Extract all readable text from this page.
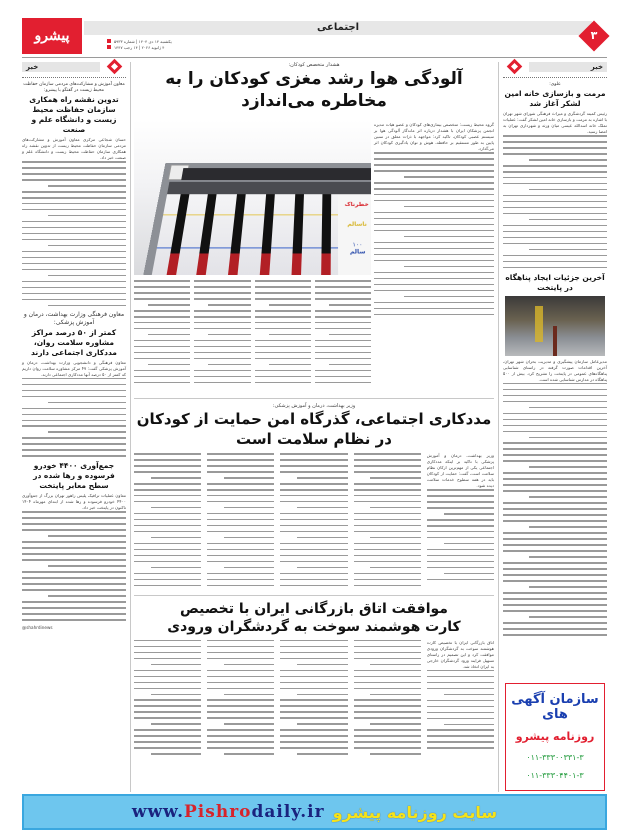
پیشرو
اجتماعی
یکشنبه ۱۴ دی ۱۴۰۴ | شماره ۵۹۳۳
۴ ژانویه ۲۰۲۶ | ۱۴ رجب ۱۴۴۷
۳
خبر
معاون آموزش و مشارکت‌های مردمی سازمان حفاظت محیط زیست در گفتگو با پیشرو:
تدوین نقشه راه همکاری سازمان حفاظت محیط زیست و دانشگاه علم و صنعت
حسان شجاعی مرکزی معاون آموزش و مشارکت‌های مردمی سازمان حفاظت محیط زیست از تدوین نقشه راه همکاری سازمان حفاظت محیط زیست و دانشگاه علم و صنعت خبر داد.
معاون فرهنگی وزارت بهداشت، درمان و آموزش پزشکی:
کمتر از ۵۰ درصد مراکز مشاوره سلامت روان، مددکاری اجتماعی دارند
معاون فرهنگی و دانشجویی وزارت بهداشت، درمان و آموزش پزشکی گفت: ۴۷ مرکز مشاوره سلامت روان داریم که کمتر از ۵۰ درصد آنها مددکاری اجتماعی دارند.
جمع‌آوری ۴۴۰۰ خودرو فرسوده و رها شده در سطح معابر پایتخت
معاون عملیات ترافیک پلیس راهور تهران بزرگ از جمع‌آوری ۴۴۰۰ خودرو فرسوده و رها شده از ابتدای مهرماه ۱۴۰۴ تاکنون در پایتخت خبر داد.
@shahrdinews
خبر
علوی:
مرمت و بازسازی خانه امین لشکر آغاز شد
رئیس کمیته گردشگری و میراث فرهنگی شورای شهر تهران با اشاره به مرمت و بازسازی خانه امین لشکر گفت: عملیات تملک خانه اسدالله عیسی میان ورثه و شهرداری تهران به امضا رسید.
آخرین جزئیات ایجاد پناهگاه در پایتخت
مدیرعامل سازمان پیشگیری و مدیریت بحران شهر تهران، آخرین اقدامات صورت گرفته در راستای شناسایی پناهگاه‌های عمومی در پایتخت را تشریح کرد. بیش از ۵۰۰ پناهگاه در مدارس شناسایی شده است.
سازمان آگهی های
روزنامه پیشرو
۰۱۱-۳۳۳۰۰۳۳۱-۳
۰۱۱-۳۳۳۰۴۴۰۱-۳
هشدار متخصص کودکان:
آلودگی هوا رشد مغزی کودکان را به مخاطره می‌اندازد
خطرناک
ناسالم
۱۰۰
سالم
گروه محیط زیست: متخصص بیماری‌های کودکان و عضو هیات مدیره انجمن پزشکان ایران با هشدار درباره اثر ماندگار آلودگی هوا بر سیستم عصبی کودکان، تاکید کرد: مواجهه با ذرات معلق در سنین پایین به طور مستقیم بر حافظه، هوش و توان یادگیری کودکان اثر می‌گذارد.
وزیر بهداشت، درمان و آموزش پزشکی:
مددکاری اجتماعی، گذرگاه امن حمایت از کودکان در نظام سلامت است
وزیر بهداشت، درمان و آموزش پزشکی با تاکید بر اینکه مددکاری اجتماعی یکی از مهم‌ترین ارکان نظام سلامت است، گفت: حمایت از کودکان باید در همه سطوح خدمات سلامت دیده شود.
موافقت اتاق بازرگانی ایران با تخصیص کارت هوشمند سوخت به گردشگران ورودی
اتاق بازرگانی ایران با تخصیص کارت هوشمند سوخت به گردشگران ورودی موافقت کرد و این تصمیم در راستای تسهیل فرایند ورود گردشگران خارجی به ایران اتخاذ شد.
www.Pishrodaily.ir سایت روزنامه پیشرو
